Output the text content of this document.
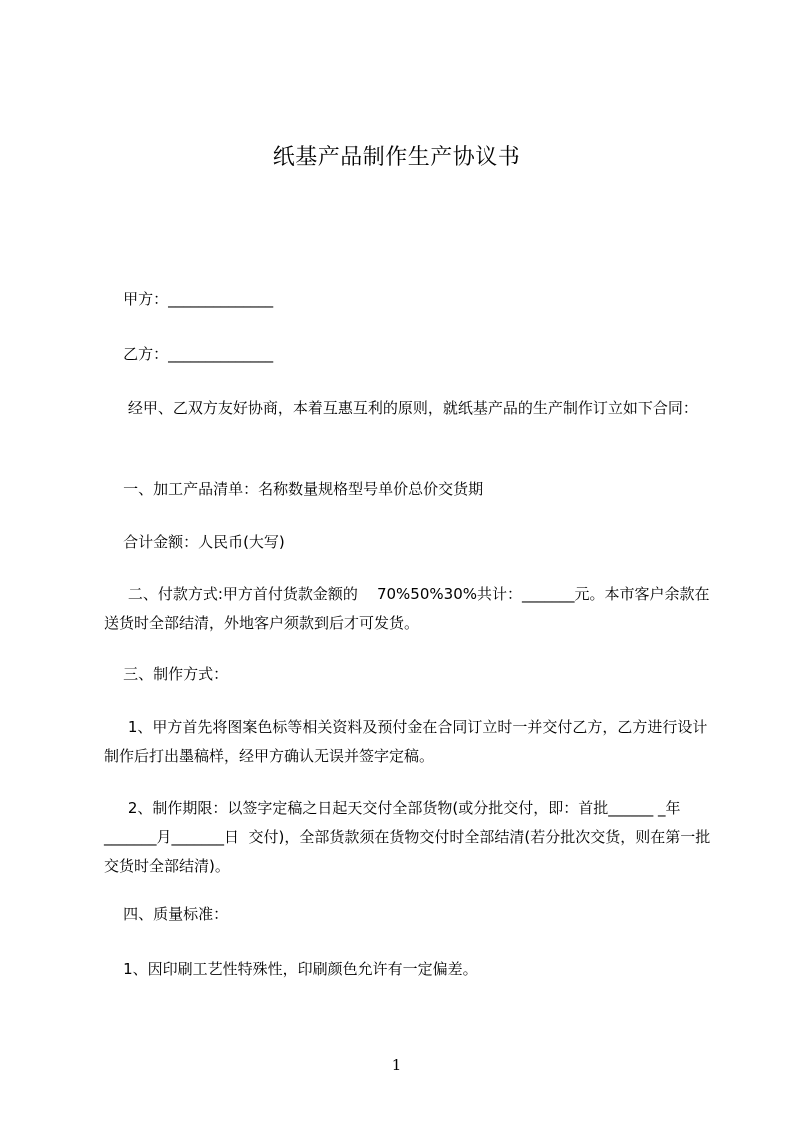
纸基产品制作生产协议书
甲方：______________
乙方：______________
经甲、乙双方友好协商，本着互惠互利的原则，就纸基产品的生产制作订立如下合同：
一、加工产品清单：名称数量规格型号单价总价交货期
合计金额：人民币(大写)
二、付款方式:甲方首付货款金额的    70%50%30%共计：_______元。本市客户余款在送货时全部结清，外地客户须款到后才可发货。
三、制作方式：
1、甲方首先将图案色标等相关资料及预付金在合同订立时一并交付乙方，乙方进行设计制作后打出墨稿样，经甲方确认无误并签字定稿。
2、制作期限：以签字定稿之日起天交付全部货物(或分批交付，即：首批______ _年_______月_______日  交付)，全部货款须在货物交付时全部结清(若分批次交货，则在第一批交货时全部结清)。
四、质量标准：
1、因印刷工艺性特殊性，印刷颜色允许有一定偏差。
1
